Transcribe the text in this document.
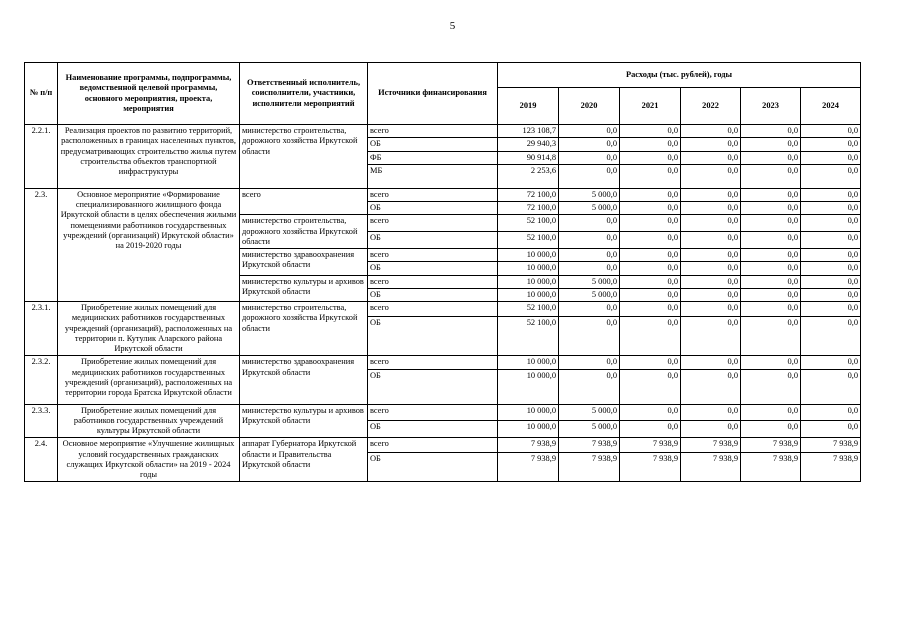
5
№ п/п	Наименование программы, подпрограммы, ведомственной целевой программы, основного мероприятия, проекта, мероприятия	Ответственный исполнитель, соисполнители, участники, исполнители мероприятий	Источники финансирования	Расходы (тыс. рублей), годы					
				2019	2020	2021	2022	2023	2024
2.2.1.	Реализация проектов по развитию территорий, расположенных в границах населенных пунктов, предусматривающих строительство жилья путем строительства объектов транспортной инфраструктуры	министерство строительства, дорожного хозяйства Иркутской области	всего	123 108,7	0,0	0,0	0,0	0,0	0,0
			ОБ	29 940,3	0,0	0,0	0,0	0,0	0,0
			ФБ	90 914,8	0,0	0,0	0,0	0,0	0,0
			МБ	2 253,6	0,0	0,0	0,0	0,0	0,0
2.3.	Основное мероприятие «Формирование специализированного жилищного фонда Иркутской области в целях обеспечения жилыми помещениями работников государственных учреждений (организаций) Иркутской области» на 2019-2020 годы	всего	всего	72 100,0	5 000,0	0,0	0,0	0,0	0,0
			ОБ	72 100,0	5 000,0	0,0	0,0	0,0	0,0
		министерство строительства, дорожного хозяйства Иркутской области	всего	52 100,0	0,0	0,0	0,0	0,0	0,0
			ОБ	52 100,0	0,0	0,0	0,0	0,0	0,0
		министерство здравоохранения Иркутской области	всего	10 000,0	0,0	0,0	0,0	0,0	0,0
			ОБ	10 000,0	0,0	0,0	0,0	0,0	0,0
		министерство культуры и архивов Иркутской области	всего	10 000,0	5 000,0	0,0	0,0	0,0	0,0
			ОБ	10 000,0	5 000,0	0,0	0,0	0,0	0,0
2.3.1.	Приобретение жилых помещений для медицинских работников государственных учреждений (организаций), расположенных на территории п. Кутулик Аларского района Иркутской области	министерство строительства, дорожного хозяйства Иркутской области	всего	52 100,0	0,0	0,0	0,0	0,0	0,0
			ОБ	52 100,0	0,0	0,0	0,0	0,0	0,0
2.3.2.	Приобретение жилых помещений для медицинских работников государственных учреждений (организаций), расположенных на территории города Братска Иркутской области	министерство здравоохранения Иркутской области	всего	10 000,0	0,0	0,0	0,0	0,0	0,0
			ОБ	10 000,0	0,0	0,0	0,0	0,0	0,0
2.3.3.	Приобретение жилых помещений для работников государственных учреждений культуры Иркутской области	министерство культуры и архивов Иркутской области	всего	10 000,0	5 000,0	0,0	0,0	0,0	0,0
			ОБ	10 000,0	5 000,0	0,0	0,0	0,0	0,0
2.4.	Основное мероприятие «Улучшение жилищных условий государственных гражданских служащих Иркутской области» на 2019 - 2024 годы	аппарат Губернатора Иркутской области и Правительства Иркутской области	всего	7 938,9	7 938,9	7 938,9	7 938,9	7 938,9	7 938,9
			ОБ	7 938,9	7 938,9	7 938,9	7 938,9	7 938,9	7 938,9
